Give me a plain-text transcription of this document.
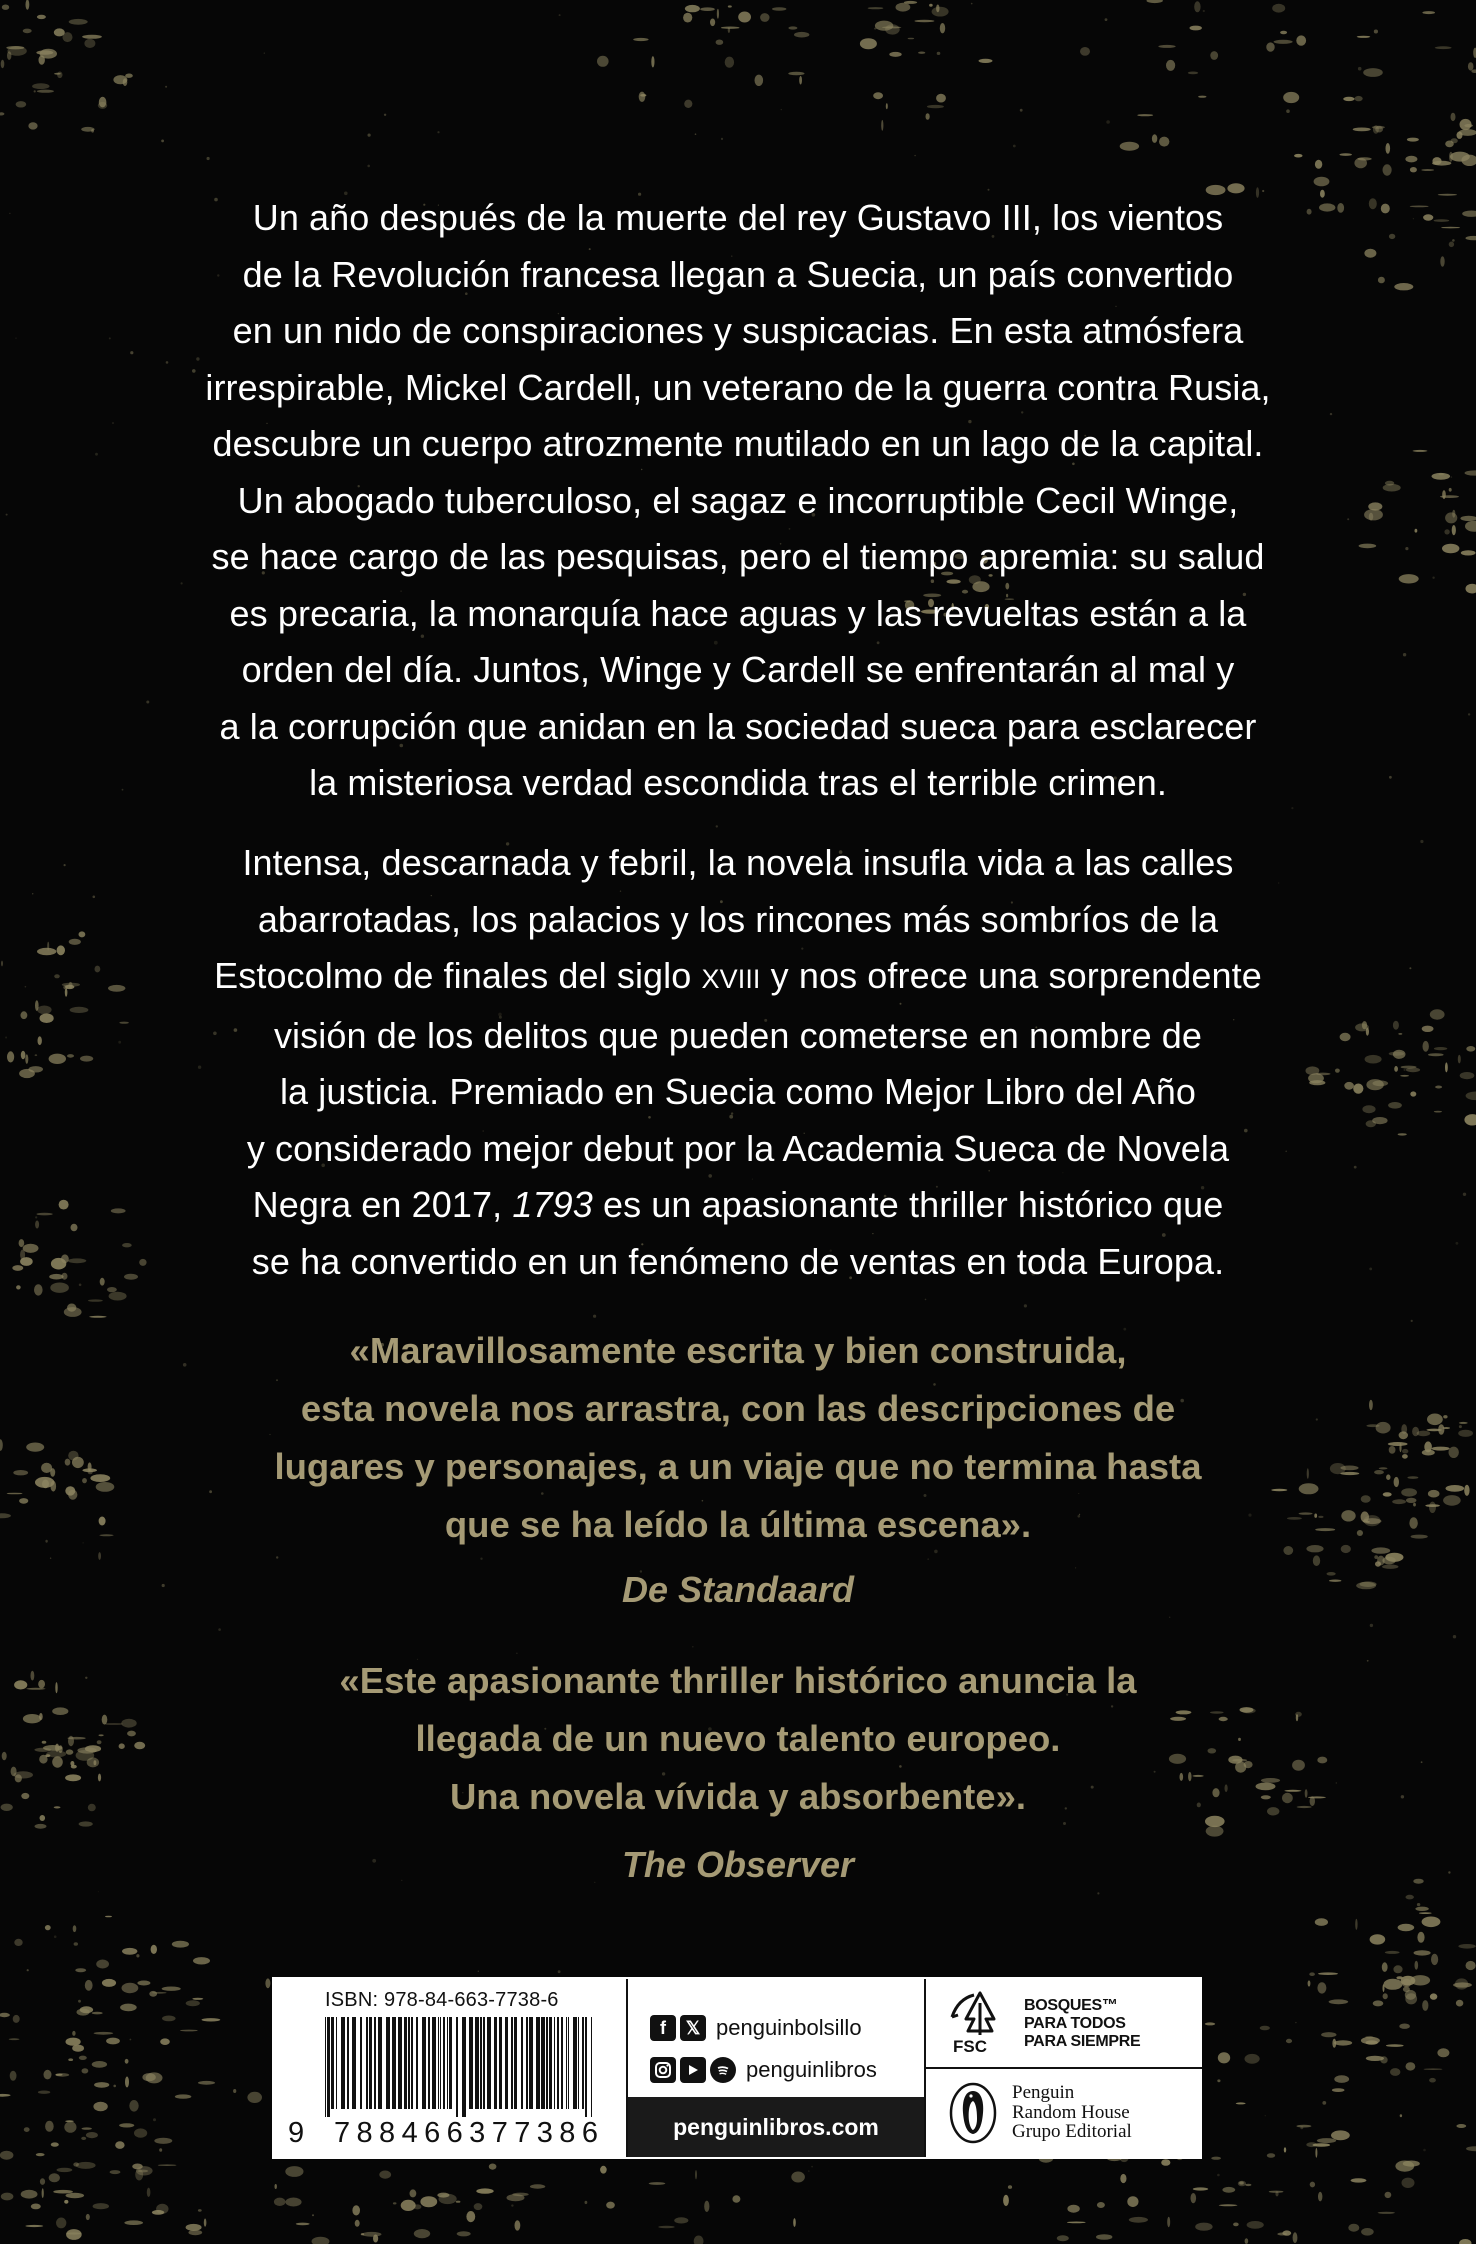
Un año después de la muerte del rey Gustavo III, los vientos
de la Revolución francesa llegan a Suecia, un país convertido
en un nido de conspiraciones y suspicacias. En esta atmósfera
irrespirable, Mickel Cardell, un veterano de la guerra contra Rusia,
descubre un cuerpo atrozmente mutilado en un lago de la capital.
Un abogado tuberculoso, el sagaz e incorruptible Cecil Winge,
se hace cargo de las pesquisas, pero el tiempo apremia: su salud
es precaria, la monarquía hace aguas y las revueltas están a la
orden del día. Juntos, Winge y Cardell se enfrentarán al mal y
a la corrupción que anidan en la sociedad sueca para esclarecer
la misteriosa verdad escondida tras el terrible crimen.

Intensa, descarnada y febril, la novela insufla vida a las calles
abarrotadas, los palacios y los rincones más sombríos de la
Estocolmo de finales del siglo XVIII y nos ofrece una sorprendente
visión de los delitos que pueden cometerse en nombre de
la justicia. Premiado en Suecia como Mejor Libro del Año
y considerado mejor debut por la Academia Sueca de Novela
Negra en 2017, 1793 es un apasionante thriller histórico que
se ha convertido en un fenómeno de ventas en toda Europa.

«Maravillosamente escrita y bien construida,
esta novela nos arrastra, con las descripciones de
lugares y personajes, a un viaje que no termina hasta
que se ha leído la última escena».
De Standaard
«Este apasionante thriller histórico anuncia la
llegada de un nuevo talento europeo.
Una novela vívida y absorbente».
The Observer
ISBN: 978-84-663-7738-6
9 788466377386
f	𝕏 penguinbolsillo
penguinlibros
penguinlibros.com
FSC
BOSQUES™
PARA TODOS
PARA SIEMPRE
Penguin
Random House
Grupo Editorial
